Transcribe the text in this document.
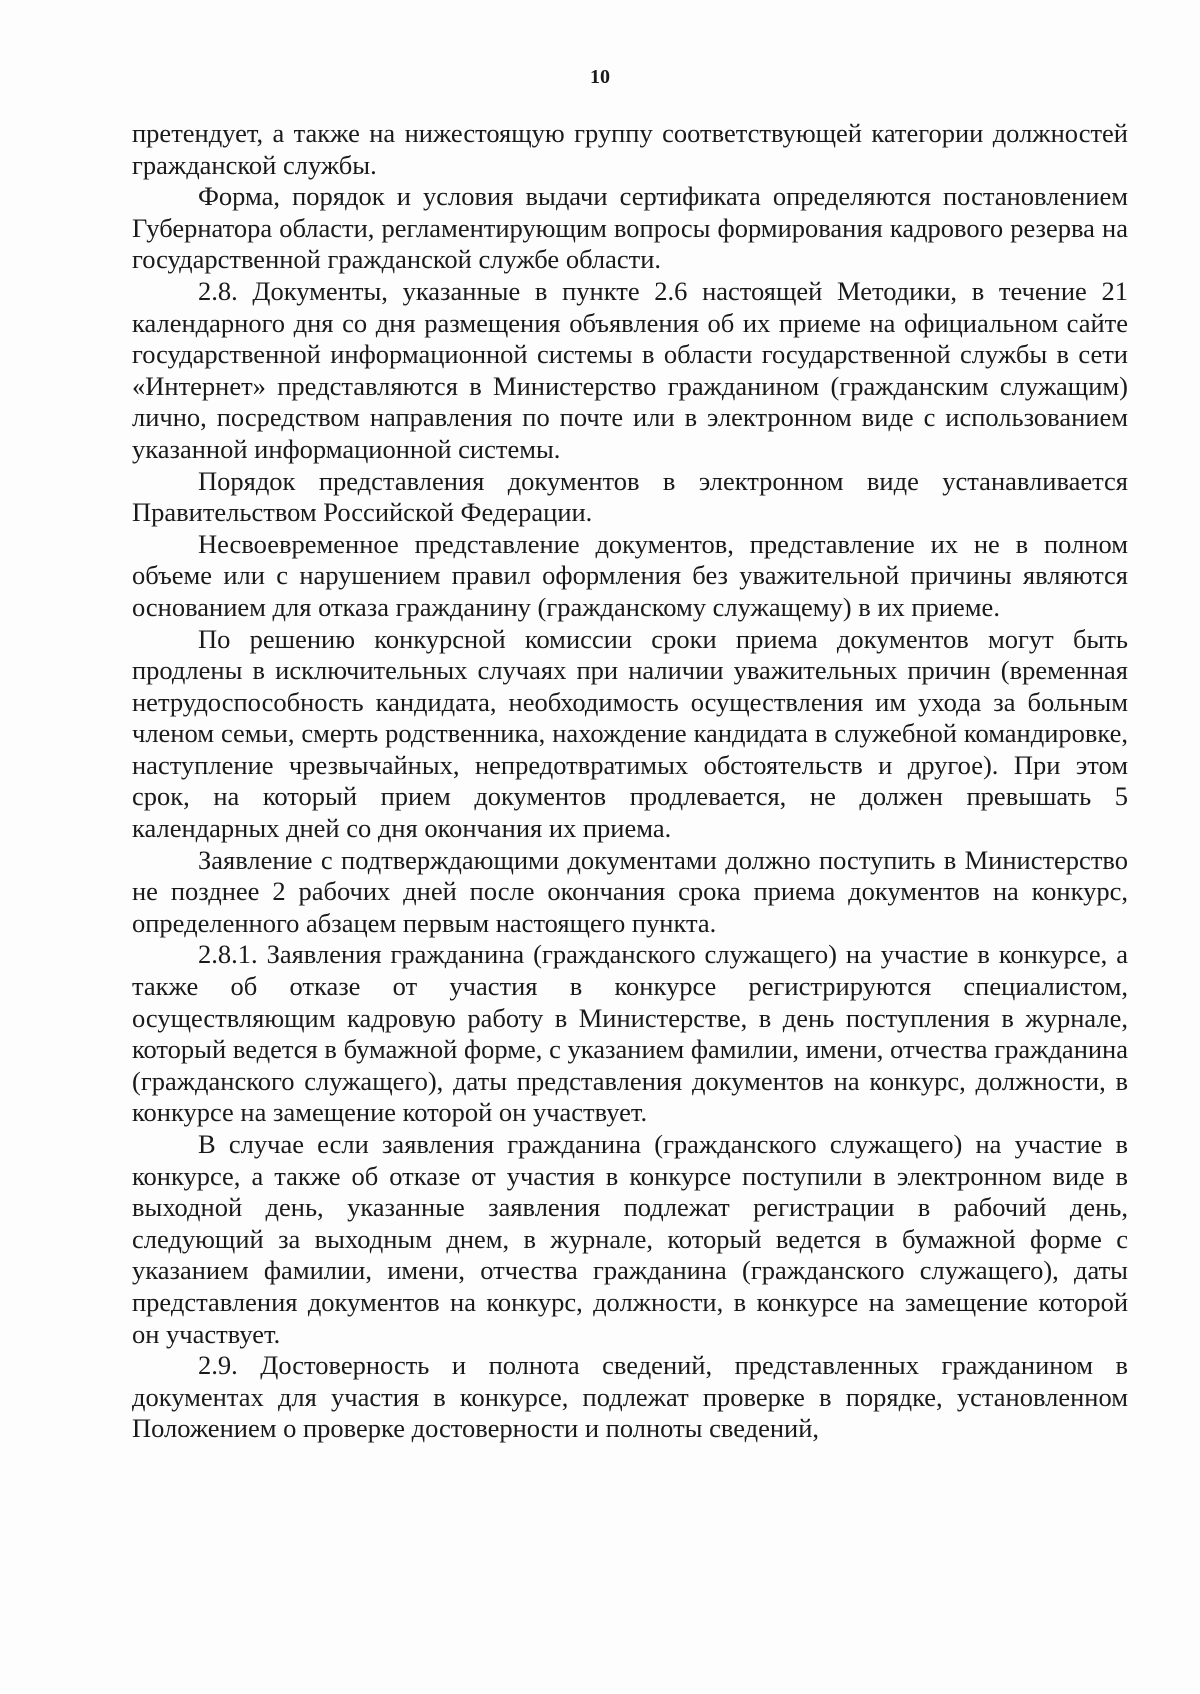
10

претендует, а также на нижестоящую группу соответствующей категории должностей гражданской службы.

Форма, порядок и условия выдачи сертификата определяются постановлением Губернатора области, регламентирующим вопросы формирования кадрового резерва на государственной гражданской службе области.

2.8. Документы, указанные в пункте 2.6 настоящей Методики, в течение 21 календарного дня со дня размещения объявления об их приеме на официальном сайте государственной информационной системы в области государственной службы в сети «Интернет» представляются в Министерство гражданином (гражданским служащим) лично, посредством направления по почте или в электронном виде с использованием указанной информационной системы.

Порядок представления документов в электронном виде устанавливается Правительством Российской Федерации.

Несвоевременное представление документов, представление их не в полном объеме или с нарушением правил оформления без уважительной причины являются основанием для отказа гражданину (гражданскому служащему) в их приеме.

По решению конкурсной комиссии сроки приема документов могут быть продлены в исключительных случаях при наличии уважительных причин (временная нетрудоспособность кандидата, необходимость осуществления им ухода за больным членом семьи, смерть родственника, нахождение кандидата в служебной командировке, наступление чрезвычайных, непредотвратимых обстоятельств и другое). При этом срок, на который прием документов продлевается, не должен превышать 5 календарных дней со дня окончания их приема.

Заявление с подтверждающими документами должно поступить в Министерство не позднее 2 рабочих дней после окончания срока приема документов на конкурс, определенного абзацем первым настоящего пункта.

2.8.1. Заявления гражданина (гражданского служащего) на участие в конкурсе, а также об отказе от участия в конкурсе регистрируются специалистом, осуществляющим кадровую работу в Министерстве, в день поступления в журнале, который ведется в бумажной форме, с указанием фамилии, имени, отчества гражданина (гражданского служащего), даты представления документов на конкурс, должности, в конкурсе на замещение которой он участвует.

В случае если заявления гражданина (гражданского служащего) на участие в конкурсе, а также об отказе от участия в конкурсе поступили в электронном виде в выходной день, указанные заявления подлежат регистрации в рабочий день, следующий за выходным днем, в журнале, который ведется в бумажной форме с указанием фамилии, имени, отчества гражданина (гражданского служащего), даты представления документов на конкурс, должности, в конкурсе на замещение которой он участвует.

2.9. Достоверность и полнота сведений, представленных гражданином в документах для участия в конкурсе, подлежат проверке в порядке, установленном Положением о проверке достоверности и полноты сведений,
